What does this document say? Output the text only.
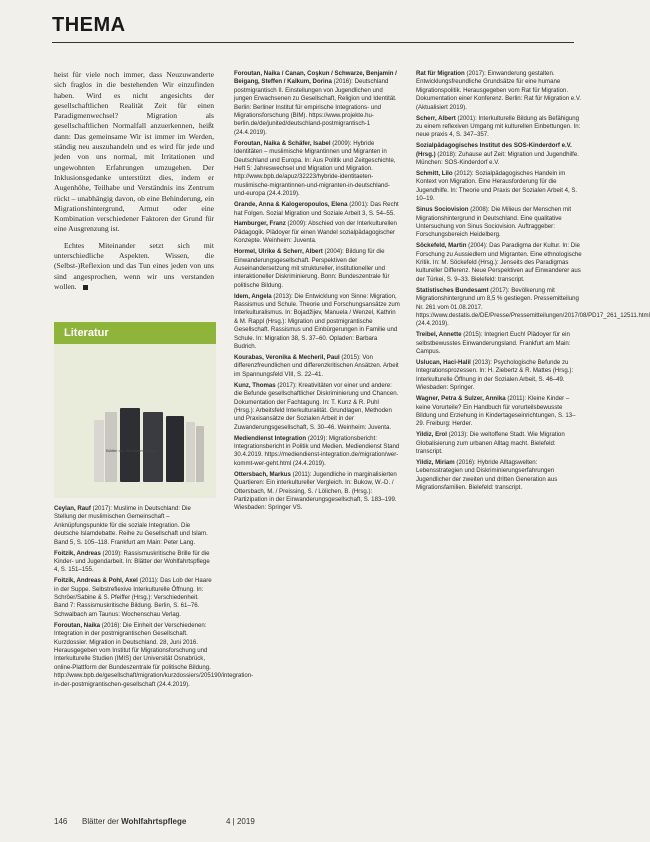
THEMA

heist für viele noch immer, dass Neuzuwanderte sich fraglos in die bestehenden Wir einzufinden haben. Wird es nicht angesichts der gesellschaftlichen Realität Zeit für einen Paradigmenwechsel? Migration als gesellschaftlichen Normalfall anzuerkennen, heißt dann: Das gemeinsame Wir ist immer im Werden, ständig neu auszuhandeln und es wird für jede und jeden von uns normal, mit Irritationen und ungewohnten Erfahrungen umzugehen. Der Inklusionsgedanke unterstützt dies, indem er Augenhöhe, Teilhabe und Verständnis ins Zentrum rückt – unabhängig davon, ob eine Behinderung, ein Migrationshintergrund, Armut oder eine Kombination verschiedener Faktoren der Grund für eine Ausgrenzung ist.

Echtes Miteinander setzt sich mit unterschiedliche Aspekten. Wissen, die (Selbst-)Reflexion und das Tun eines jeden von uns sind angesprochen, wenn wir uns verstanden wollen.

Literatur
Blätter der Wohlfahrtspflege

Ceylan, Rauf (2017): Muslime in Deutschland: Die Stellung der muslimischen Gemeinschaft – Anknüpfungspunkte für die soziale Integration. Die deutsche Islamdebatte. Reihe zu Gesellschaft und Islam. Band 5, S. 105–118. Frankfurt am Main: Peter Lang.

Foitzik, Andreas (2019): Rassismuskritische Brille für die Kinder- und Jugendarbeit. In: Blätter der Wohlfahrtspflege 4, S. 151–155.

Foitzik, Andreas & Pohl, Axel (2011): Das Lob der Haare in der Suppe. Selbstreflexive Interkulturelle Öffnung. In: Schröer/Sabine & S. Pfeiffer (Hrsg.): Verschiedenheit. Band 7: Rassismuskritische Bildung. Berlin, S. 61–76. Schwalbach am Taunus: Wochenschau Verlag.

Foroutan, Naika (2016): Die Einheit der Verschiedenen: Integration in der postmigrantischen Gesellschaft. Kurzdossier. Migration in Deutschland. 28, Juni 2016. Herausgegeben vom Institut für Migrationsforschung und Interkulturelle Studien (IMIS) der Universität Osnabrück, online-Plattform der Bundeszentrale für politische Bildung. http://www.bpb.de/gesellschaft/migration/kurzdossiers/205190/integration-in-der-postmigrantischen-gesellschaft (24.4.2019).

Foroutan, Naika / Canan, Coşkun / Schwarze, Benjamin / Beigang, Steffen / Kalkum, Dorina (2016): Deutschland postmigrantisch II. Einstellungen von Jugendlichen und jungen Erwachsenen zu Gesellschaft, Religion und Identität. Berlin: Berliner Institut für empirische Integrations- und Migrationsforschung (BIM). https://www.projekte.hu-berlin.de/de/junited/deutschland-postmigrantisch-1 (24.4.2019).

Foroutan, Naika & Schäfer, Isabel (2009): Hybride Identitäten – muslimische Migrantinnen und Migranten in Deutschland und Europa. In: Aus Politik und Zeitgeschichte, Heft 5: Jahreswechsel und Migration und Migration. http://www.bpb.de/apuz/32223/hybride-identitaeten-muslimische-migrantinnen-und-migranten-in-deutschland-und-europa (24.4.2019).

Grande, Anna & Kalogeropoulos, Elena (2001): Das Recht hat Folgen. Sozial Migration und Soziale Arbeit 3, S. 54–55.

Hamburger, Franz (2009): Abschied von der Interkulturellen Pädagogik. Plädoyer für einen Wandel sozialpädagogischer Konzepte. Weinheim: Juventa.

Hormel, Ulrike & Scherr, Albert (2004): Bildung für die Einwanderungsgesellschaft. Perspektiven der Auseinandersetzung mit struktureller, institutioneller und interaktioneller Diskriminierung. Bonn: Bundeszentrale für politische Bildung.

Idem, Angela (2013): Die Entwicklung von Sinne: Migration, Rassismus und Schule. Theorie und Forschungsansätze zum Interkulturalismus. In: Bojadžijev, Manuela / Wenzel, Kathrin & M. Rappl (Hrsg.): Migration und postmigrantische Gesellschaft. Rassismus und Einbürgerungen in Familie und Schule. In: Migration 38, S. 37–60. Opladen: Barbara Budrich.

Kourabas, Veronika & Mecheril, Paul (2015): Von differenzfreundlichen und differenzkritischen Ansätzen. Arbeit im Spannungsfeld VIII, S. 22–41.

Kunz, Thomas (2017): Kreativitäten vor einer und andere: die Befunde gesellschaftlicher Diskriminierung und Chancen. Dokumentation der Fachtagung. In: T. Kunz & R. Puhl (Hrsg.): Arbeitsfeld Interkulturalität. Grundlagen, Methoden und Praxisansätze der Sozialen Arbeit in der Zuwanderungsgesellschaft, S. 30–46. Weinheim: Juventa.

Mediendienst Integration (2019): Migrationsbericht: Integrationsbericht in Politik und Medien. Mediendienst Stand 30.4.2019. https://mediendienst-integration.de/migration/wer-kommt-wer-geht.html (24.4.2019).

Ottersbach, Markus (2011): Jugendliche in marginalisierten Quartieren: Ein interkultureller Vergleich. In: Bukow, W.-D. / Ottersbach, M. / Preissing, S. / Lölichen, B. (Hrsg.): Partizipation in der Einwanderungsgesellschaft, S. 183–199. Wiesbaden: Springer VS.

Rat für Migration (2017): Einwanderung gestalten. Entwicklungsfreundliche Grundsätze für eine humane Migrationspolitik. Herausgegeben vom Rat für Migration. Dokumentation einer Konferenz. Berlin: Rat für Migration e.V. (Aktualisiert 2019).

Scherr, Albert (2001): Interkulturelle Bildung als Befähigung zu einem reflexiven Umgang mit kulturellen Einbettungen. In: neue praxis 4, S. 347–357.

Sozialpädagogisches Institut des SOS-Kinderdorf e.V. (Hrsg.) (2018): Zuhause auf Zeit: Migration und Jugendhilfe. München: SOS-Kinderdorf e.V.

Schmitt, Lilo (2012): Sozialpädagogisches Handeln im Kontext von Migration. Eine Herausforderung für die Jugendhilfe. In: Theorie und Praxis der Sozialen Arbeit 4, S. 10–19.

Sinus Sociovision (2008): Die Milieus der Menschen mit Migrationshintergrund in Deutschland. Eine qualitative Untersuchung von Sinus Sociovision. Auftraggeber: Forschungsbereich Heidelberg.

Söckefeld, Martin (2004): Das Paradigma der Kultur. In: Die Forschung zu Aussiedlern und Migranten. Eine ethnologische Kritik. In: M. Söckefeld (Hrsg.): Jenseits des Paradigmas kultureller Differenz. Neue Perspektiven auf Einwanderer aus der Türkei, S. 9–33. Bielefeld: transcript.

Statistisches Bundesamt (2017): Bevölkerung mit Migrationshintergrund um 8,5 % gestiegen. Pressemitteilung Nr. 261 vom 01.08.2017. https://www.destatis.de/DE/Presse/Pressemitteilungen/2017/08/PD17_261_12511.html (24.4.2019).

Treibel, Annette (2015): Integriert Euch! Plädoyer für ein selbstbewusstes Einwanderungsland. Frankfurt am Main: Campus.

Uslucan, Haci-Halil (2013): Psychologische Befunde zu Integrationsprozessen. In: H. Ziebertz & R. Mattes (Hrsg.): Interkulturelle Öffnung in der Sozialen Arbeit, S. 46–49. Wiesbaden: Springer.

Wagner, Petra & Sulzer, Annika (2011): Kleine Kinder – keine Vorurteile? Ein Handbuch für vorurteilsbewusste Bildung und Erziehung in Kindertageseinrichtungen, S. 13–29. Freiburg: Herder.

Yildiz, Erol (2013): Die weltoffene Stadt. Wie Migration Globalisierung zum urbanen Alltag macht. Bielefeld: transcript.

Yildiz, Miriam (2016): Hybride Alltagswelten: Lebensstrategien und Diskriminierungserfahrungen Jugendlicher der zweiten und dritten Generation aus Migrationsfamilien. Bielefeld: transcript.

146 Blätter der Wohlfahrtspflege	4 | 2019
